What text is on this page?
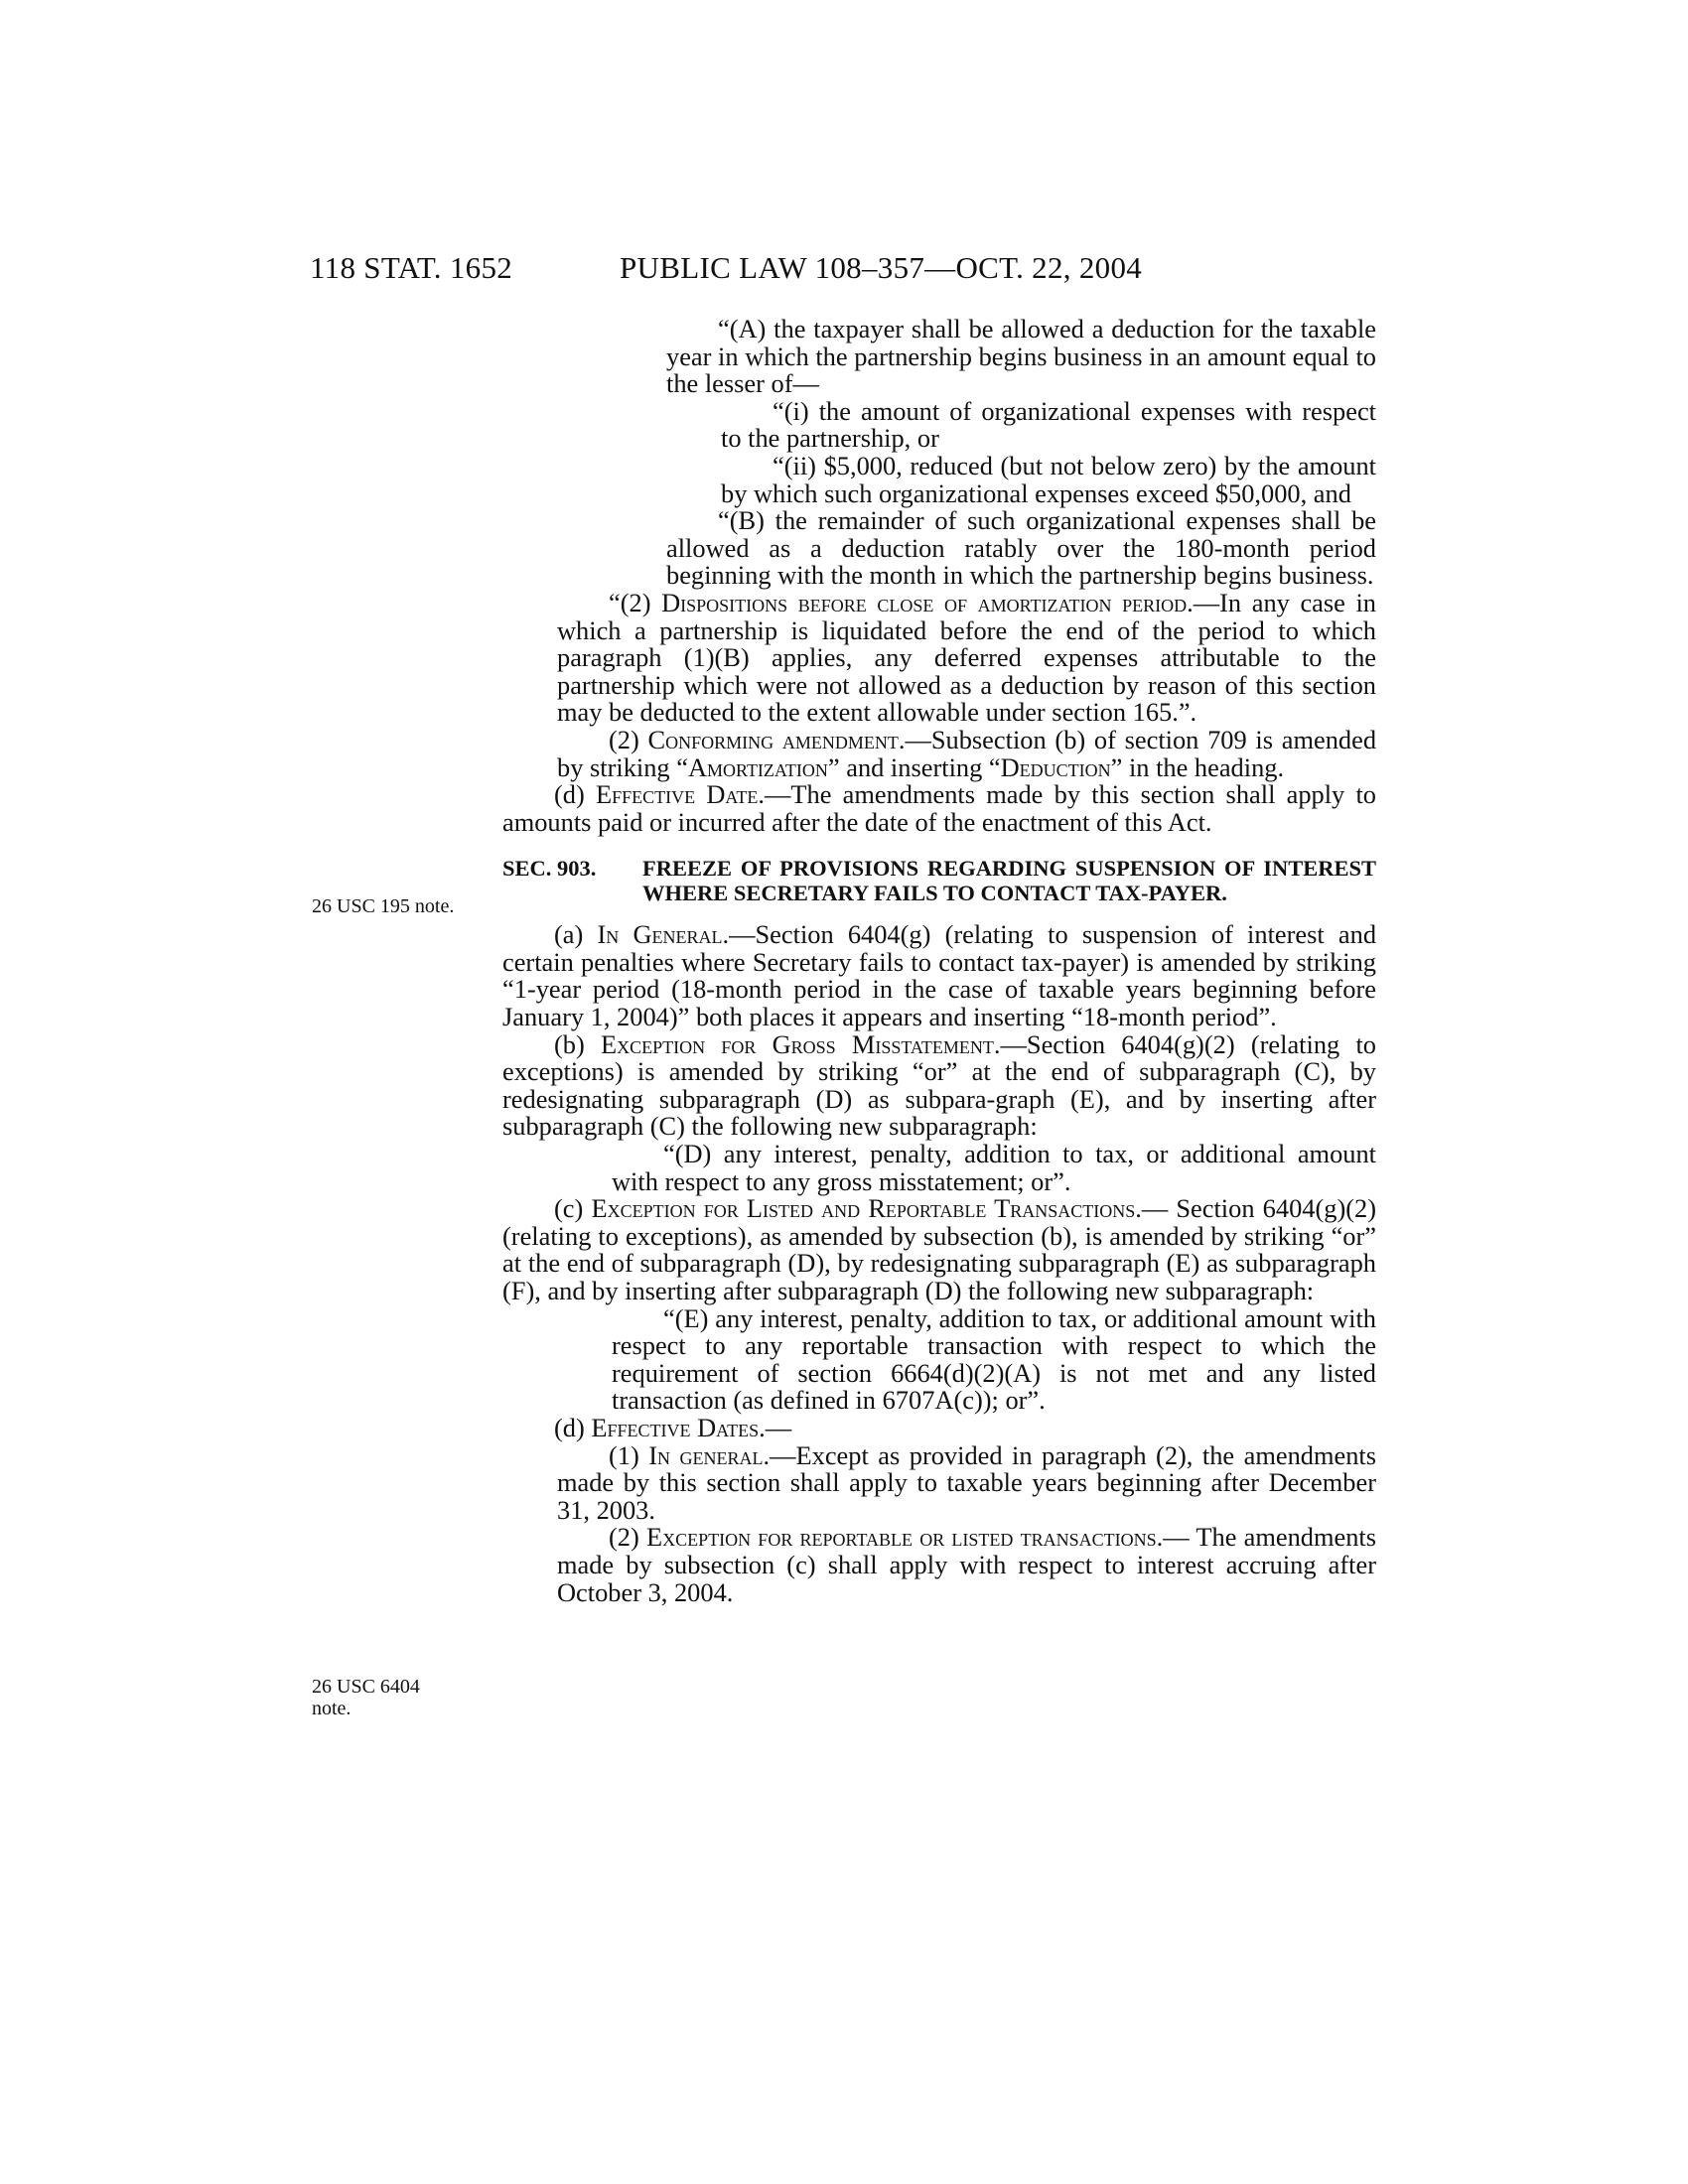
118 STAT. 1652	PUBLIC LAW 108–357—OCT. 22, 2004
26 USC 195 note.
26 USC 6404 note.

“(A) the taxpayer shall be allowed a deduction for the taxable year in which the partnership begins business in an amount equal to the lesser of—

“(i) the amount of organizational expenses with respect to the partnership, or

“(ii) $5,000, reduced (but not below zero) by the amount by which such organizational expenses exceed $50,000, and

“(B) the remainder of such organizational expenses shall be allowed as a deduction ratably over the 180-month period beginning with the month in which the partnership begins business.

“(2) Dispositions before close of amortization period.—In any case in which a partnership is liquidated before the end of the period to which paragraph (1)(B) applies, any deferred expenses attributable to the partnership which were not allowed as a deduction by reason of this section may be deducted to the extent allowable under section 165.”.

(2) Conforming amendment.—Subsection (b) of section 709 is amended by striking “Amortization” and inserting “Deduction” in the heading.

(d) Effective Date.—The amendments made by this section shall apply to amounts paid or incurred after the date of the enactment of this Act.

SEC. 903.	FREEZE OF PROVISIONS REGARDING SUSPENSION OF INTEREST WHERE SECRETARY FAILS TO CONTACT TAX-PAYER.

(a) In General.—Section 6404(g) (relating to suspension of interest and certain penalties where Secretary fails to contact tax-payer) is amended by striking “1-year period (18-month period in the case of taxable years beginning before January 1, 2004)” both places it appears and inserting “18-month period”.

(b) Exception for Gross Misstatement.—Section 6404(g)(2) (relating to exceptions) is amended by striking “or” at the end of subparagraph (C), by redesignating subparagraph (D) as subpara-graph (E), and by inserting after subparagraph (C) the following new subparagraph:

“(D) any interest, penalty, addition to tax, or additional amount with respect to any gross misstatement; or”.

(c) Exception for Listed and Reportable Transactions.— Section 6404(g)(2) (relating to exceptions), as amended by subsection (b), is amended by striking “or” at the end of subparagraph (D), by redesignating subparagraph (E) as subparagraph (F), and by inserting after subparagraph (D) the following new subparagraph:

“(E) any interest, penalty, addition to tax, or additional amount with respect to any reportable transaction with respect to which the requirement of section 6664(d)(2)(A) is not met and any listed transaction (as defined in 6707A(c)); or”.

(d) Effective Dates.—

(1) In general.—Except as provided in paragraph (2), the amendments made by this section shall apply to taxable years beginning after December 31, 2003.

(2) Exception for reportable or listed transactions.— The amendments made by subsection (c) shall apply with respect to interest accruing after October 3, 2004.
